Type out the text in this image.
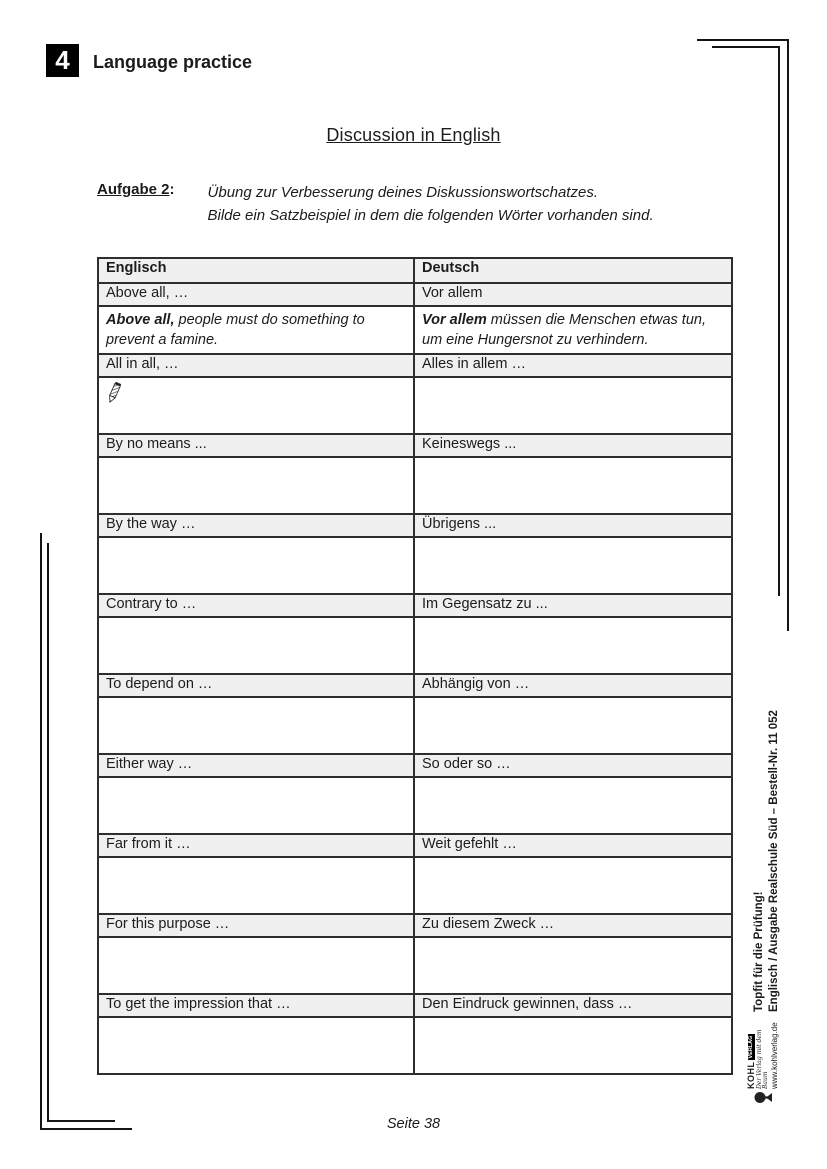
4	Language practice
Discussion in English
Aufgabe 2: Übung zur Verbesserung deines Diskussionswortschatzes.
Bilde ein Satzbeispiel in dem die folgenden Wörter vorhanden sind.
Englisch	Deutsch
Above all, …	Vor allem
Above all, people must do something to prevent a famine.	Vor allem müssen die Menschen etwas tun, um eine Hungersnot zu verhindern.
All in all, …	Alles in allem …

By no means ...	Keineswegs ...

By the way …	Übrigens ...

Contrary to …	Im Gegensatz zu ...

To depend on …	Abhängig von …

Either way …	So oder so …

Far from it …	Weit gefehlt …

For this purpose …	Zu diesem Zweck …

To get the impression that …	Den Eindruck gewinnen, dass …
		Topfit für die Prüfung! Englisch / Ausgabe Realschule Süd – Bestell-Nr. 11 052
KOHL
VERLAG Der Verlag mit dem Baum www.kohlverlag.de
Seite 38
